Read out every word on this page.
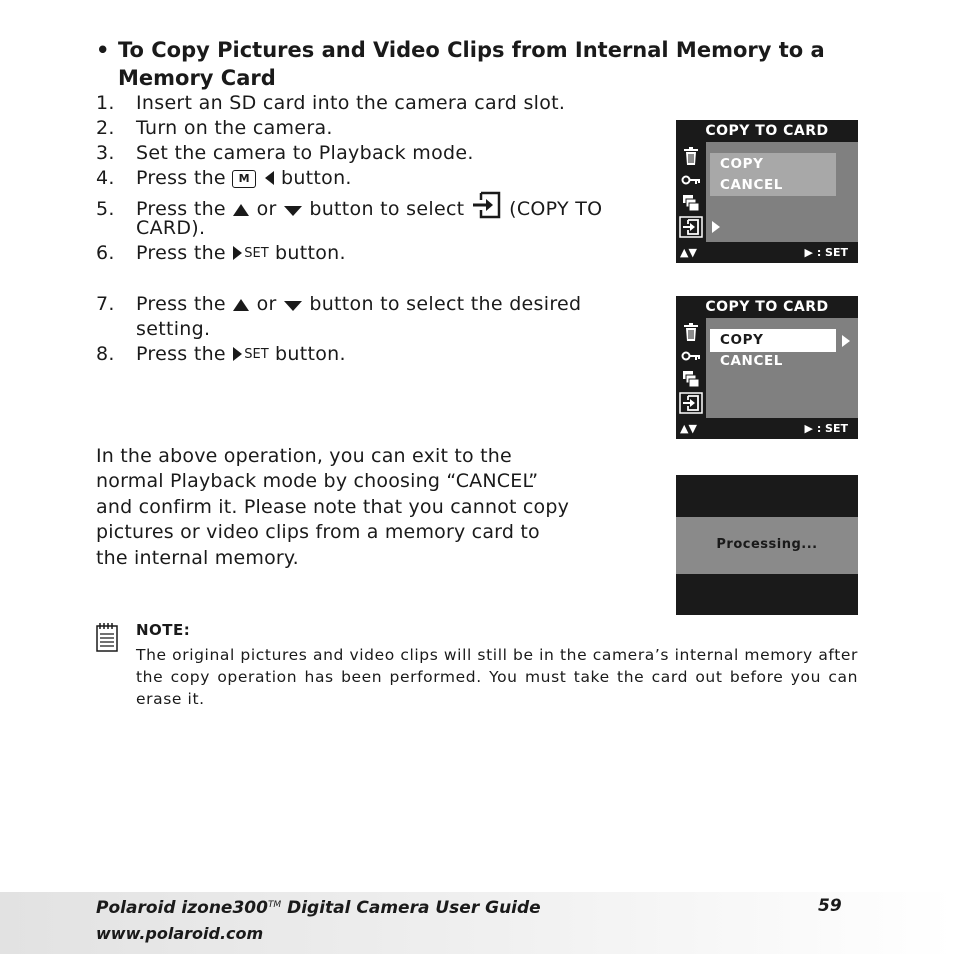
• To Copy Pictures and Video Clips from Internal Memory to a
Memory Card
1. Insert an SD card into the camera card slot.
2. Turn on the camera.
3. Set the camera to Playback mode.
4. Press the M button.
5. Press the or button to select (COPY TO
CARD).
6. Press the SET button.
7. Press the or button to select the desired
setting.
8. Press the SET button.
In the above operation, you can exit to the
normal Playback mode by choosing “CANCEL”
and confirm it. Please note that you cannot copy
pictures or video clips from a memory card to
the internal memory.
COPY TO CARD
COPY
CANCEL
▲▼	▶ : SET
COPY TO CARD
COPY
CANCEL
▲▼	▶ : SET
Processing...
NOTE:
The original pictures and video clips will still be in the camera’s internal memory after the copy operation has been performed. You must take the card out before you can erase it.
Polaroid izone300™ Digital Camera User Guide
www.polaroid.com
59
